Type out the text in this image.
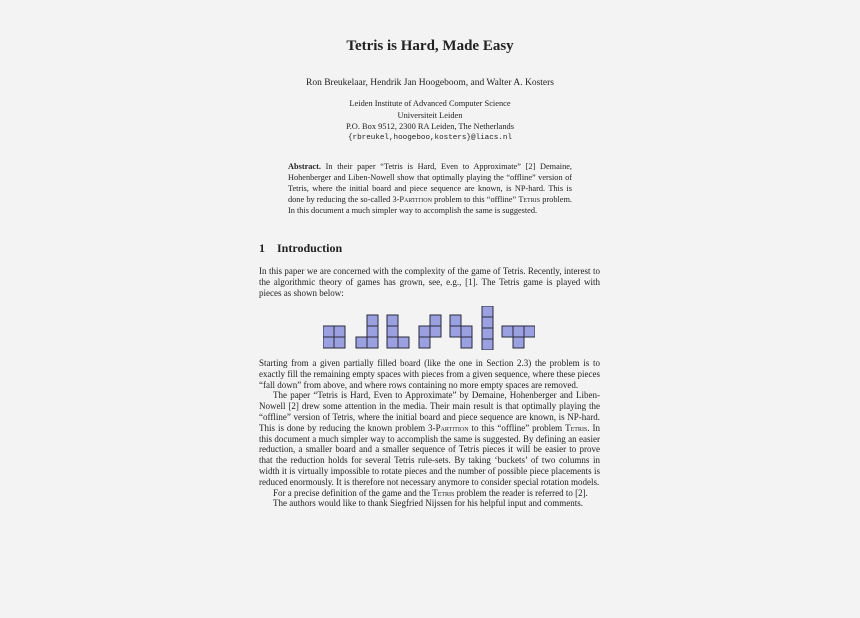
Tetris is Hard, Made Easy
Ron Breukelaar, Hendrik Jan Hoogeboom, and Walter A. Kosters
Leiden Institute of Advanced Computer Science
Universiteit Leiden
P.O. Box 9512, 2300 RA Leiden, The Netherlands
{rbreukel,hoogeboo,kosters}@liacs.nl
Abstract. In their paper “Tetris is Hard, Even to Approximate” [2] Demaine, Hohenberger and Liben-Nowell show that optimally playing the “offline” version of Tetris, where the initial board and piece sequence are known, is NP-hard. This is done by reducing the so-called 3-Partition problem to this “offline” Tetris problem. In this document a much simpler way to accomplish the same is suggested.
1 Introduction
In this paper we are concerned with the complexity of the game of Tetris. Recently, interest to the algorithmic theory of games has grown, see, e.g., [1]. The Tetris game is played with pieces as shown below:
Starting from a given partially filled board (like the one in Section 2.3) the problem is to exactly fill the remaining empty spaces with pieces from a given sequence, where these pieces “fall down” from above, and where rows containing no more empty spaces are removed.
The paper “Tetris is Hard, Even to Approximate” by Demaine, Hohenberger and Liben-Nowell [2] drew some attention in the media. Their main result is that optimally playing the “offline” version of Tetris, where the initial board and piece sequence are known, is NP-hard. This is done by reducing the known problem 3-Partition to this “offline” problem Tetris. In this document a much simpler way to accomplish the same is suggested. By defining an easier reduction, a smaller board and a smaller sequence of Tetris pieces it will be easier to prove that the reduction holds for several Tetris rule-sets. By taking ‘buckets’ of two columns in width it is virtually impossible to rotate pieces and the number of possible piece placements is reduced enormously. It is therefore not necessary anymore to consider special rotation models.
For a precise definition of the game and the Tetris problem the reader is referred to [2].
The authors would like to thank Siegfried Nijssen for his helpful input and comments.
